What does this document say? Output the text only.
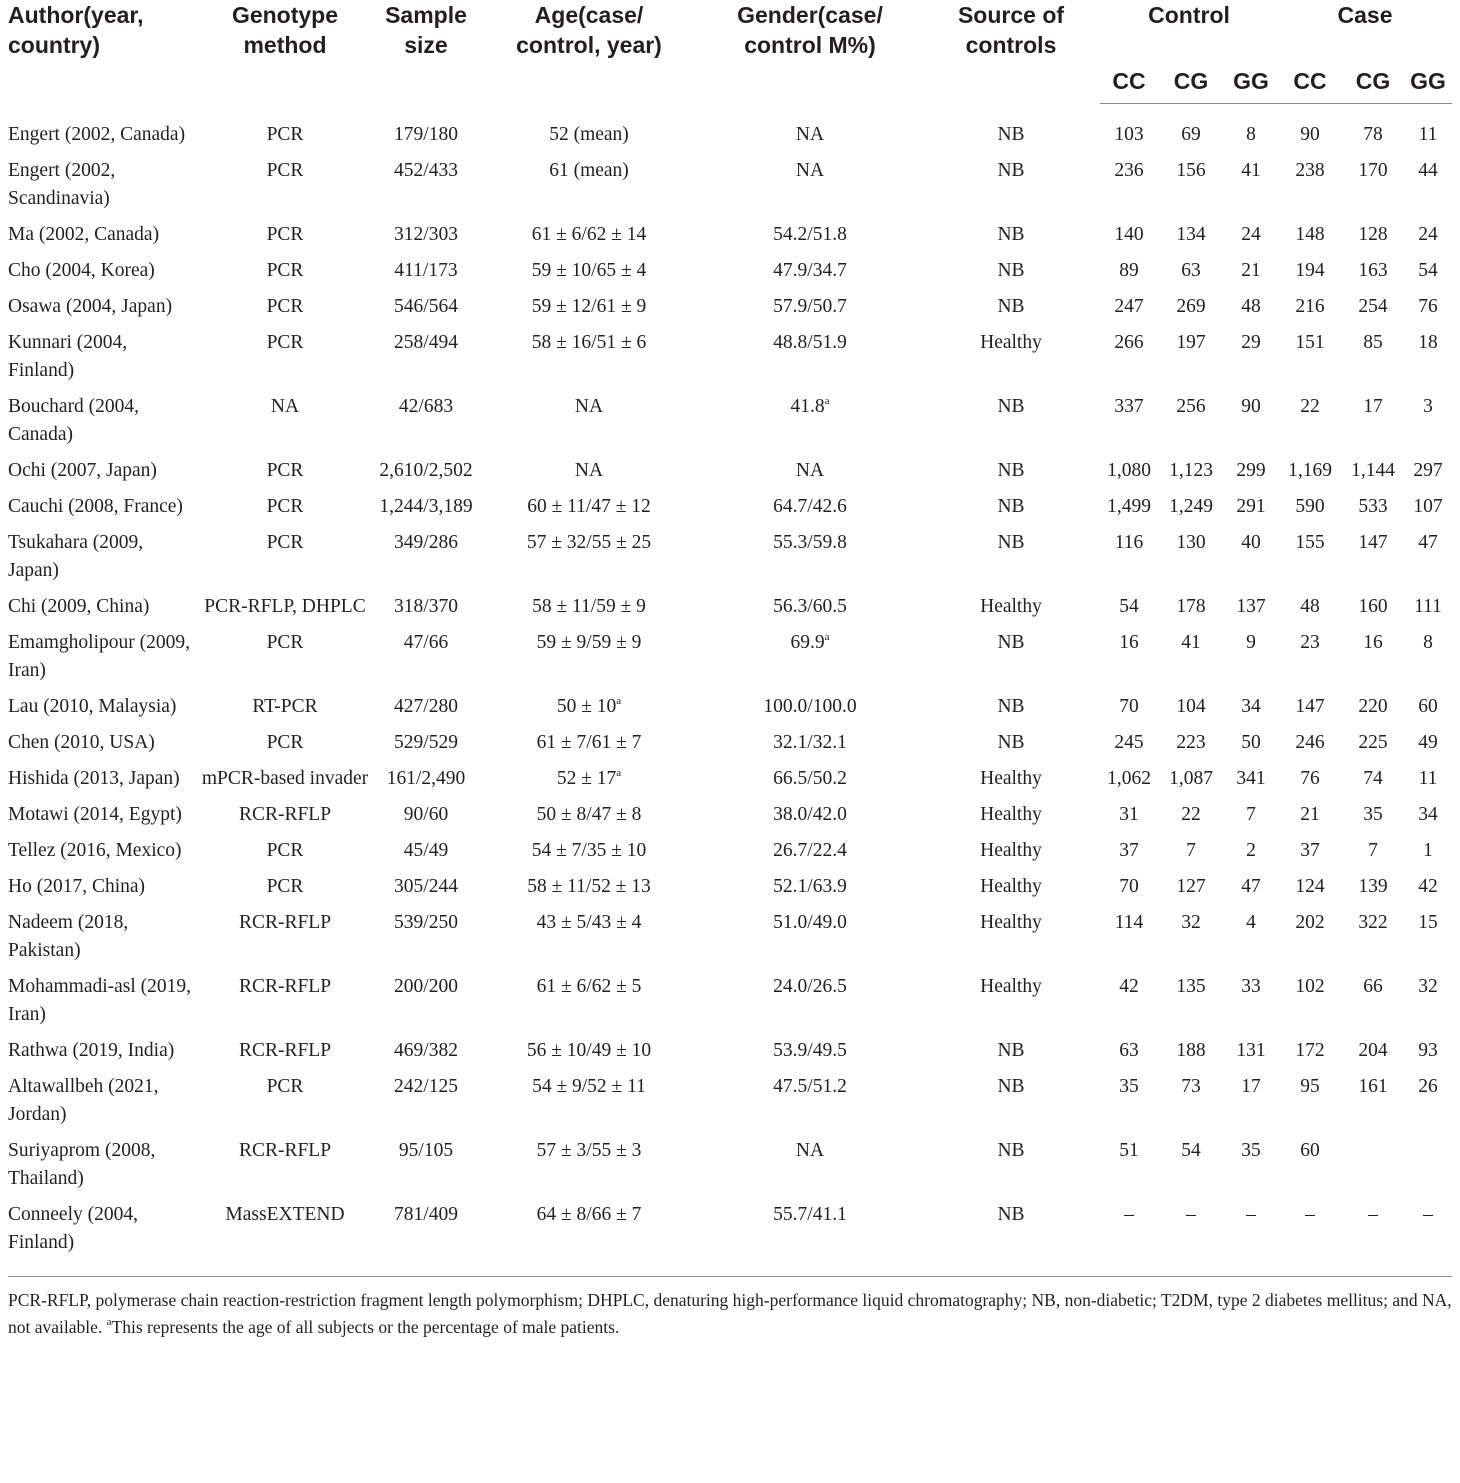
Author(year, country)	Genotype method	Sample size	Age(case/ control, year)	Gender(case/ control M%)	Source of controls	Control			Case		
						CC	CG	GG	CC	CG	GG
Engert (2002, Canada)	PCR	179/180	52 (mean)	NA	NB	103	69	8	90	78	11
Engert (2002, Scandinavia)	PCR	452/433	61 (mean)	NA	NB	236	156	41	238	170	44
Ma (2002, Canada)	PCR	312/303	61 ± 6/62 ± 14	54.2/51.8	NB	140	134	24	148	128	24
Cho (2004, Korea)	PCR	411/173	59 ± 10/65 ± 4	47.9/34.7	NB	89	63	21	194	163	54
Osawa (2004, Japan)	PCR	546/564	59 ± 12/61 ± 9	57.9/50.7	NB	247	269	48	216	254	76
Kunnari (2004, Finland)	PCR	258/494	58 ± 16/51 ± 6	48.8/51.9	Healthy	266	197	29	151	85	18
Bouchard (2004, Canada)	NA	42/683	NA	41.8$^a$	NB	337	256	90	22	17	3
Ochi (2007, Japan)	PCR	2,610/2,502	NA	NA	NB	1,080	1,123	299	1,169	1,144	297
Cauchi (2008, France)	PCR	1,244/3,189	60 ± 11/47 ± 12	64.7/42.6	NB	1,499	1,249	291	590	533	107
Tsukahara (2009, Japan)	PCR	349/286	57 ± 32/55 ± 25	55.3/59.8	NB	116	130	40	155	147	47
Chi (2009, China)	PCR-RFLP, DHPLC	318/370	58 ± 11/59 ± 9	56.3/60.5	Healthy	54	178	137	48	160	111
Emamgholipour (2009, Iran)	PCR	47/66	59 ± 9/59 ± 9	69.9$^a$	NB	16	41	9	23	16	8
Lau (2010, Malaysia)	RT-PCR	427/280	$50 \pm 10^a$	100.0/100.0	NB	70	104	34	147	220	60
Chen (2010, USA)	PCR	529/529	61 ± 7/61 ± 7	32.1/32.1	NB	245	223	50	246	225	49
Hishida (2013, Japan)	mPCR-based invader	161/2,490	$52 \pm 17^a$	66.5/50.2	Healthy	1,062	1,087	341	76	74	11
Motawi (2014, Egypt)	RCR-RFLP	90/60	50 ± 8/47 ± 8	38.0/42.0	Healthy	31	22	7	21	35	34
Tellez (2016, Mexico)	PCR	45/49	54 ± 7/35 ± 10	26.7/22.4	Healthy	37	7	2	37	7	1
Ho (2017, China)	PCR	305/244	58 ± 11/52 ± 13	52.1/63.9	Healthy	70	127	47	124	139	42
Nadeem (2018, Pakistan)	RCR-RFLP	539/250	43 ± 5/43 ± 4	51.0/49.0	Healthy	114	32	4	202	322	15
Mohammadi-asl (2019, Iran)	RCR-RFLP	200/200	61 ± 6/62 ± 5	24.0/26.5	Healthy	42	135	33	102	66	32
Rathwa (2019, India)	RCR-RFLP	469/382	56 ± 10/49 ± 10	53.9/49.5	NB	63	188	131	172	204	93
Altawallbeh (2021, Jordan)	PCR	242/125	54 ± 9/52 ± 11	47.5/51.2	NB	35	73	17	95	161	26
Suriyaprom (2008, Thailand)	RCR-RFLP	95/105	57 ± 3/55 ± 3	NA	NB	51	54	35	60		
Conneely (2004, Finland)	MassEXTEND	781/409	64 ± 8/66 ± 7	55.7/41.1	NB	–	–	–	–	–	–
PCR-RFLP, polymerase chain reaction-restriction fragment length polymorphism; DHPLC, denaturing high-performance liquid chromatography; NB, non-diabetic; T2DM, type 2 diabetes mellitus; and NA, not available. $^a$This represents the age of all subjects or the percentage of male patients.
